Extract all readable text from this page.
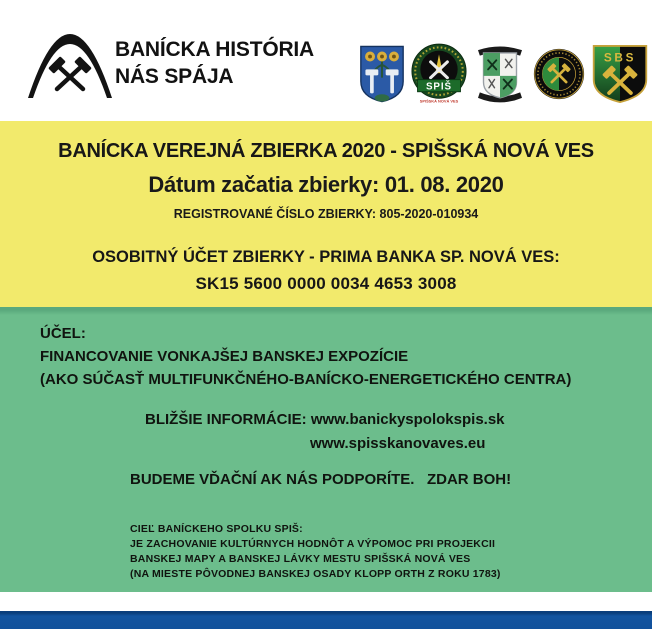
BANÍCKA HISTÓRIA
NÁS SPÁJA	SPIŠ
SPIŠSKÁ NOVÁ VES
SBS
BANÍCKA VEREJNÁ ZBIERKA 2020 - SPIŠSKÁ NOVÁ VES
Dátum začatia zbierky: 01. 08. 2020
REGISTROVANÉ ČÍSLO ZBIERKY: 805-2020-010934
OSOBITNÝ ÚČET ZBIERKY - PRIMA BANKA SP. NOVÁ VES:
SK15 5600 0000 0034 4653 3008
ÚČEL:
FINANCOVANIE VONKAJŠEJ BANSKEJ EXPOZÍCIE
(AKO SÚČASŤ MULTIFUNKČNÉHO-BANÍCKO-ENERGETICKÉHO CENTRA)
BLIŽŠIE INFORMÁCIE: www.banickyspolokspis.sk
www.spisskanovaves.eu
BUDEME VĎAČNÍ AK NÁS PODPORÍTE.   ZDAR BOH!
CIEĽ BANÍCKEHO SPOLKU SPIŠ:
JE ZACHOVANIE KULTÚRNYCH HODNÔT A VÝPOMOC PRI PROJEKCII
BANSKEJ MAPY A BANSKEJ LÁVKY MESTU SPIŠSKÁ NOVÁ VES
(NA MIESTE PÔVODNEJ BANSKEJ OSADY KLOPP ORTH Z ROKU 1783)
